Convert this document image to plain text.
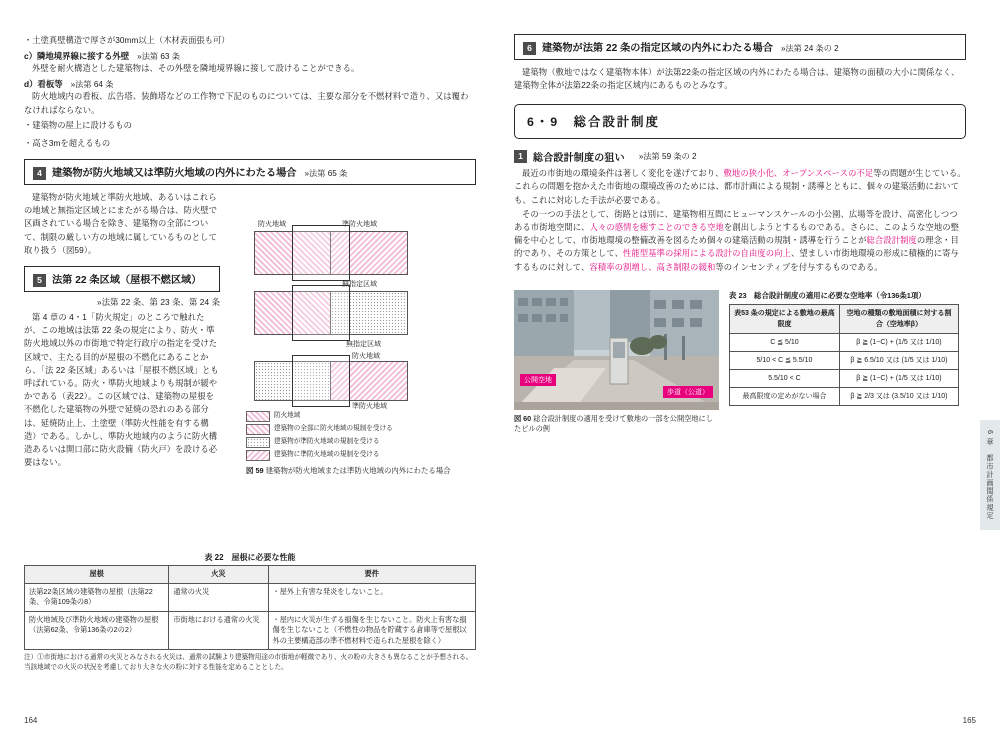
・土塗真壁構造で厚さが30mm以上（木材表面張も可）

c）隣地境界線に接する外壁 »法第 63 条

外壁を耐火構造とした建築物は、その外壁を隣地境界線に接して設けることができる。

d）看板等 »法第 64 条

防火地域内の看板、広告塔、装飾塔などの工作物で下記のものについては、主要な部分を不燃材料で造り、又は覆わなければならない。

・建築物の屋上に設けるもの

・高さ3mを超えるもの

4 建築物が防火地域又は準防火地域の内外にわたる場合 »法第 65 条

建築物が防火地域と準防火地域、あるいはこれらの地域と無指定区域とにまたがる場合は、防火壁で区画されている場合を除き、建築物の全部について、制限の厳しい方の地域に属しているものとして取り扱う（図59）。

5 法第 22 条区域（屋根不燃区域）

»法第 22 条、第 23 条、第 24 条

第 4 章の 4・1「防火規定」のところで触れたが、この地域は法第 22 条の規定により、防火・準防火地域以外の市街地で特定行政庁の指定を受けた区域で、主たる目的が屋根の不燃化にあることから、「法 22 条区域」あるいは「屋根不燃区域」とも呼ばれている。防火・準防火地域よりも規制が緩やかである（表22）。この区域では、建築物の屋根を不燃化した建築物の外壁で延焼の恐れのある部分は、延焼防止上、土塗壁（準防火性能を有する構造）である。しかし、準防火地域内のように防火構造あるいは開口部に防火設備（防火戸）を設ける必要はない。

表 22　屋根に必要な性能
屋根	火災	要件
法第22条区域の建築物の屋根（法第22条、令第109条の8）	通常の火災	・屋外上有害な発炎をしないこと。
防火地域及び準防火地域の建築物の屋根（法第62条、令第136条の2の2）	市街地における通常の火災	・屋内に火災が生ずる損傷を生じないこと。防火上有害な損傷を生じないこと（不燃性の物品を貯蔵する倉庫等で屋根以外の主要構造部の準不燃材料で造られた屋根を除く）

注）①市街地における通常の火災とみなされる火災は、通常の試験より建築物用途の市街地が軽微であり、火の粉の大きさも異なることが予想される。当該地域での火災の状況を考慮しており大きな火の粉に対する性能を定めることとした。

防火地域	準防火地域
無指定区域
無指定区域
防火地域
準防火地域
防火地域
建築物の全部に防火地域の規制を受ける
建築物が準防火地域の規制を受ける
建築物に準防火地域の規制を受ける

図 59 建築物が防火地域または準防火地域の内外にわたる場合

164
6 建築物が法第 22 条の指定区域の内外にわたる場合 »法第 24 条の 2

建築物（敷地ではなく建築物本体）が法第22条の指定区域の内外にわたる場合は、建築物の面積の大小に関係なく、建築物全体が法第22条の指定区域内にあるものとみなす。

6・9　総合設計制度
1	総合設計制度の狙い »法第 59 条の 2

最近の市街地の環境条件は著しく変化を遂げており、敷地の狭小化、オープンスペースの不足等の問題が生じている。これらの問題を抱かえた市街地の環境改善のためには、都市計画による規制・誘導とともに、個々の建築活動においても、これに対応した手法が必要である。

その一つの手法として、街路とは別に、建築物相互間にヒューマンスケールの小公園、広場等を設け、高密化しつつある市街地空間に、人々の感情を癒すことのできる空地を創出しようとするものである。さらに、このような空地の整備を中心として、市街地環境の整備改善を図るため個々の建築活動の規制・誘導を行うことが総合設計制度の理念・目的であり、その方策として、性能型基準の採用による設計の自由度の向上、望ましい市街地環境の形成に積極的に寄与するものに対して、容積率の割増し、高さ制限の緩和等のインセンティブを付与するものである。

公開空地
歩道（公道）

図 60 総合設計制度の適用を受けて敷地の一部を公開空地にしたビルの例

表 23　総合設計制度の適用に必要な空地率（令136条1項）

表53 条の規定による敷地の最高限度	空地の種類の敷地面積に対する割合（空地率β）
C ≦ 5/10	β ≧ (1−C) + (1/5 又は 1/10)
5/10 < C ≦ 5.5/10	β ≧ 6.5/10 又は (1/5 又は 1/10)
5.5/10 < C	β ≧ (1−C) + (1/5 又は 1/10)
最高限度の定めがない場合	β ≧ 2/3 又は (3.5/10 又は 1/10)
6 章　都市計画関係規定
165
